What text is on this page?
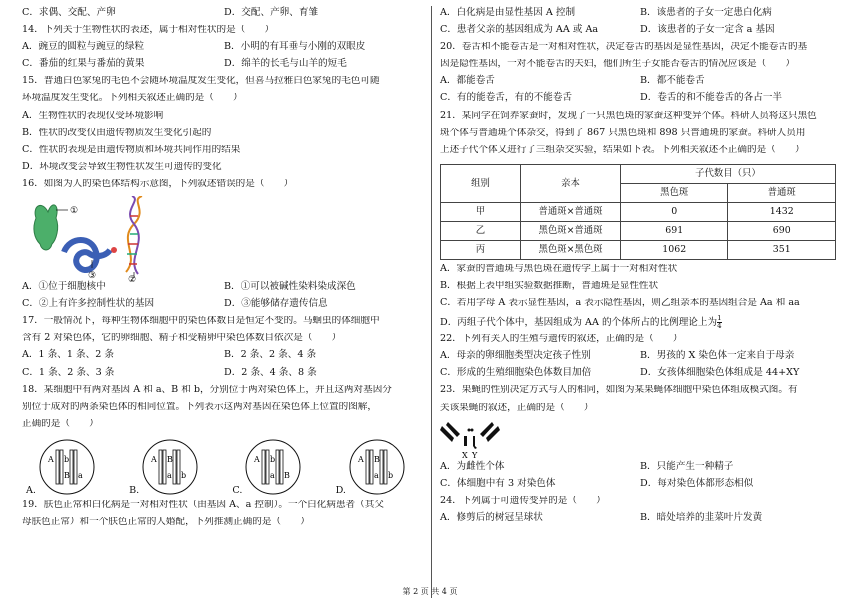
C．求偶、交配、产卵	D．交配、产卵、育雏
14．下列关于生物性状的表述，属于相对性状的是（　　）
A．豌豆的圆粒与豌豆的绿粒	B．小明的有耳垂与小刚的双眼皮
C．番茄的红果与番茄的黄果	D．绵羊的长毛与山羊的短毛
15．普通白色家兔的毛色不会随环境温度发生变化，但喜马拉雅白色家兔的毛色可随
环境温度发生变化。下列相关叙述正确的是（　　）
A．生物性状的表现仅受环境影响
B．性状的改变仅由遗传物质发生变化引起的
C．性状的表现是由遗传物质和环境共同作用的结果
D．环境改变会导致生物性状发生可遗传的变化
16．如图为人的染色体结构示意图，下列叙述错误的是（　　）
①
②
③
A．①位于细胞核中	B．①可以被碱性染料染成深色
C．②上有许多控制性状的基因	D．③能够储存遗传信息
17．一般情况下，每种生物体细胞中的染色体数目是恒定不变的。马蛔虫的体细胞中
含有 2 对染色体，它的卵细胞、精子和受精卵中染色体数目依次是（　　）
A．1 条、1 条、2 条	B．2 条、2 条、4 条
C．1 条、2 条、3 条	D．2 条、4 条、8 条
18．某细胞中有两对基因 A 和 a、B 和 b，分别位于两对染色体上，并且这两对基因分
别位于成对的两条染色体的相同位置。下列表示这两对基因在染色体上位置的图解，
正确的是（　　）
A.
A b
B a
B.
A B
a b
C.
A b
a B
D.
A B
a b
19．肤色正常和白化病是一对相对性状（由基因 A、a 控制）。一个白化病患者（其父
母肤色正常）和一个肤色正常的人婚配，下列推测正确的是（　　）
A．白化病是由显性基因 A 控制	B．该患者的子女一定患白化病
C．患者父亲的基因组成为 AA 或 Aa	D．该患者的子女一定含 a 基因
20．卷舌和不能卷舌是一对相对性状，决定卷舌的基因是显性基因，决定不能卷舌的基
因是隐性基因，一对不能卷舌的夫妇，他们所生子女能否卷舌的情况应该是（　　）
A．都能卷舌	B．都不能卷舌
C．有的能卷舌，有的不能卷舌	D．卷舌的和不能卷舌的各占一半
21．某同学在饲养家蚕时，发现了一只黑色斑的家蚕这种变异个体。科研人员将这只黑色
斑个体与普通斑个体杂交，得到了 867 只黑色斑和 898 只普通斑的家蚕。科研人员用
上述子代个体又进行了三组杂交实验，结果如下表。下列相关叙述不正确的是（　　）
组别	亲本	子代数目（只）	
		黑色斑	普通斑
甲	普通斑×普通斑	0	1432
乙	黑色斑×普通斑	691	690
丙	黑色斑×黑色斑	1062	351
A．家蚕的普通斑与黑色斑在遗传学上属于一对相对性状
B．根据上表甲组实验数据推断，普通斑是显性性状
C．若用字母 A 表示显性基因，a 表示隐性基因，则乙组亲本的基因组合是 Aa 和 aa
D．丙组子代个体中，基因组成为 AA 的个体所占的比例理论上为 $\frac{1}{4}$
22．下列有关人的生殖与遗传的叙述，正确的是（　　）
A．母亲的卵细胞类型决定孩子性别	B．男孩的 X 染色体一定来自于母亲
C．形成的生殖细胞染色体数目加倍	D．女孩体细胞染色体组成是 44+XY
23．果蝇的性别决定方式与人的相同，如图为某果蝇体细胞中染色体组成模式图。有
关该果蝇的叙述，正确的是（　　）
X Y
A．为雌性个体	B．只能产生一种精子
C．体细胞中有 3 对染色体	D．每对染色体都形态相似
24．下列属于可遗传变异的是（　　）
A．修剪后的树冠呈球状	B．暗处培养的韭菜叶片发黄
第 2 页 共 4 页
